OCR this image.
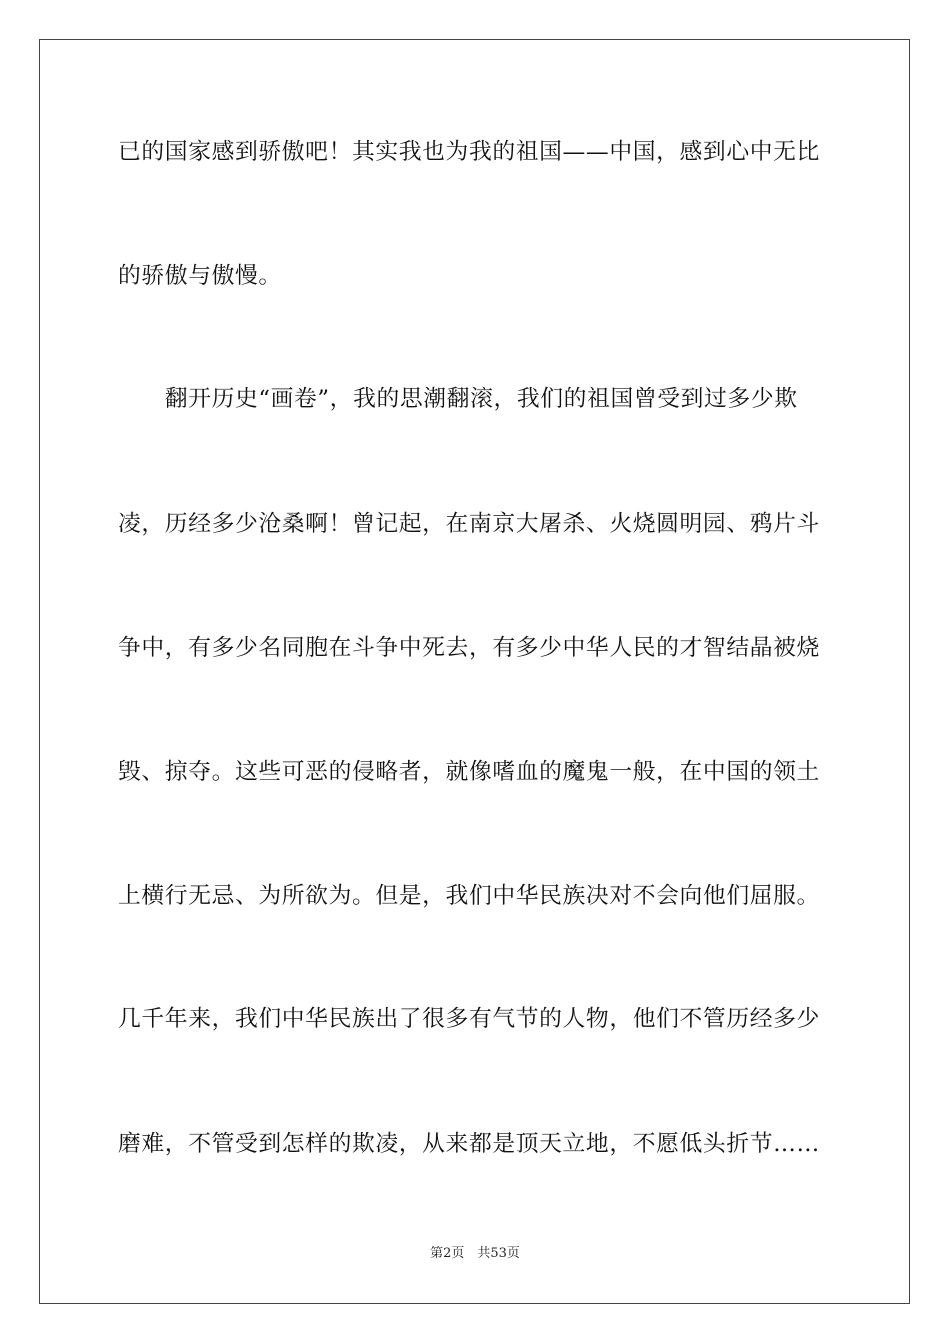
已的国家感到骄傲吧！其实我也为我的祖国——中国，感到心中无比
的骄傲与傲慢。
　　翻开历史“画卷”，我的思潮翻滚，我们的祖国曾受到过多少欺
凌，历经多少沧桑啊！曾记起，在南京大屠杀、火烧圆明园、鸦片斗
争中，有多少名同胞在斗争中死去，有多少中华人民的才智结晶被烧
毁、掠夺。这些可恶的侵略者，就像嗜血的魔鬼一般，在中国的领土
上横行无忌、为所欲为。但是，我们中华民族决对不会向他们屈服。
几千年来，我们中华民族出了很多有气节的人物，他们不管历经多少
磨难，不管受到怎样的欺凌，从来都是顶天立地，不愿低头折节……
第2页　共53页
